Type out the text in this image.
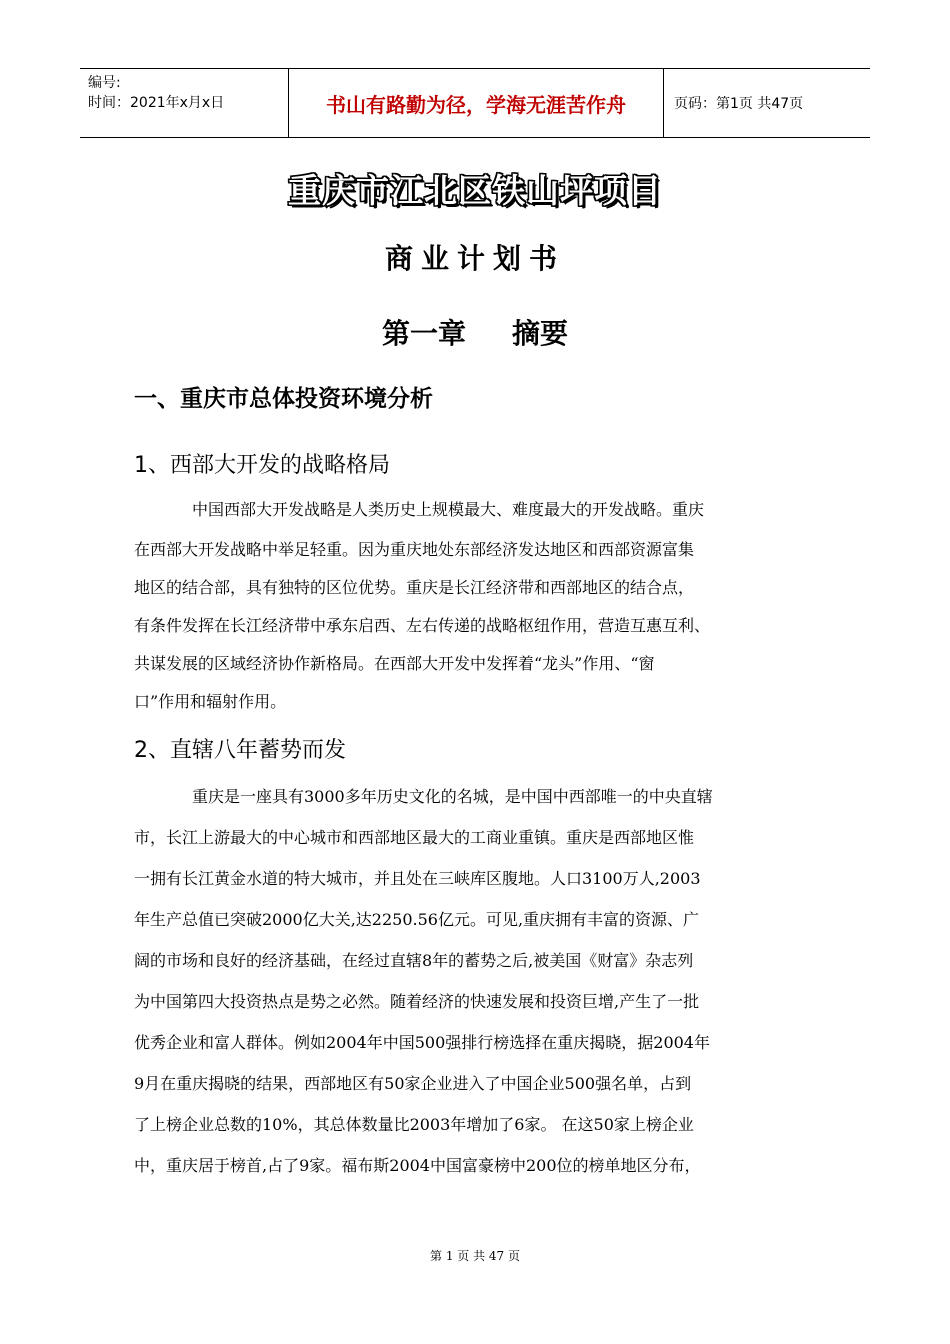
编号:
时间：2021年x月x日	书山有路勤为径，学海无涯苦作舟	页码：第1页 共47页
重庆市江北区铁山坪项目
商业计划书
第一章 摘要
一、重庆市总体投资环境分析
1、西部大开发的战略格局
中国西部大开发战略是人类历史上规模最大、难度最大的开发战略。重庆
在西部大开发战略中举足轻重。因为重庆地处东部经济发达地区和西部资源富集
地区的结合部，具有独特的区位优势。重庆是长江经济带和西部地区的结合点，
有条件发挥在长江经济带中承东启西、左右传递的战略枢纽作用，营造互惠互利、
共谋发展的区域经济协作新格局。在西部大开发中发挥着“龙头”作用、“窗
口”作用和辐射作用。
2、直辖八年蓄势而发
重庆是一座具有3000多年历史文化的名城，是中国中西部唯一的中央直辖
市，长江上游最大的中心城市和西部地区最大的工商业重镇。重庆是西部地区惟
一拥有长江黄金水道的特大城市，并且处在三峡库区腹地。人口3100万人,2003
年生产总值已突破2000亿大关,达2250.56亿元。可见,重庆拥有丰富的资源、广
阔的市场和良好的经济基础，在经过直辖8年的蓄势之后,被美国《财富》杂志列
为中国第四大投资热点是势之必然。随着经济的快速发展和投资巨增,产生了一批
优秀企业和富人群体。例如2004年中国500强排行榜选择在重庆揭晓，据2004年
9月在重庆揭晓的结果，西部地区有50家企业进入了中国企业500强名单，占到
了上榜企业总数的10%，其总体数量比2003年增加了6家。 在这50家上榜企业
中，重庆居于榜首,占了9家。福布斯2004中国富豪榜中200位的榜单地区分布，
第 1 页 共 47 页
